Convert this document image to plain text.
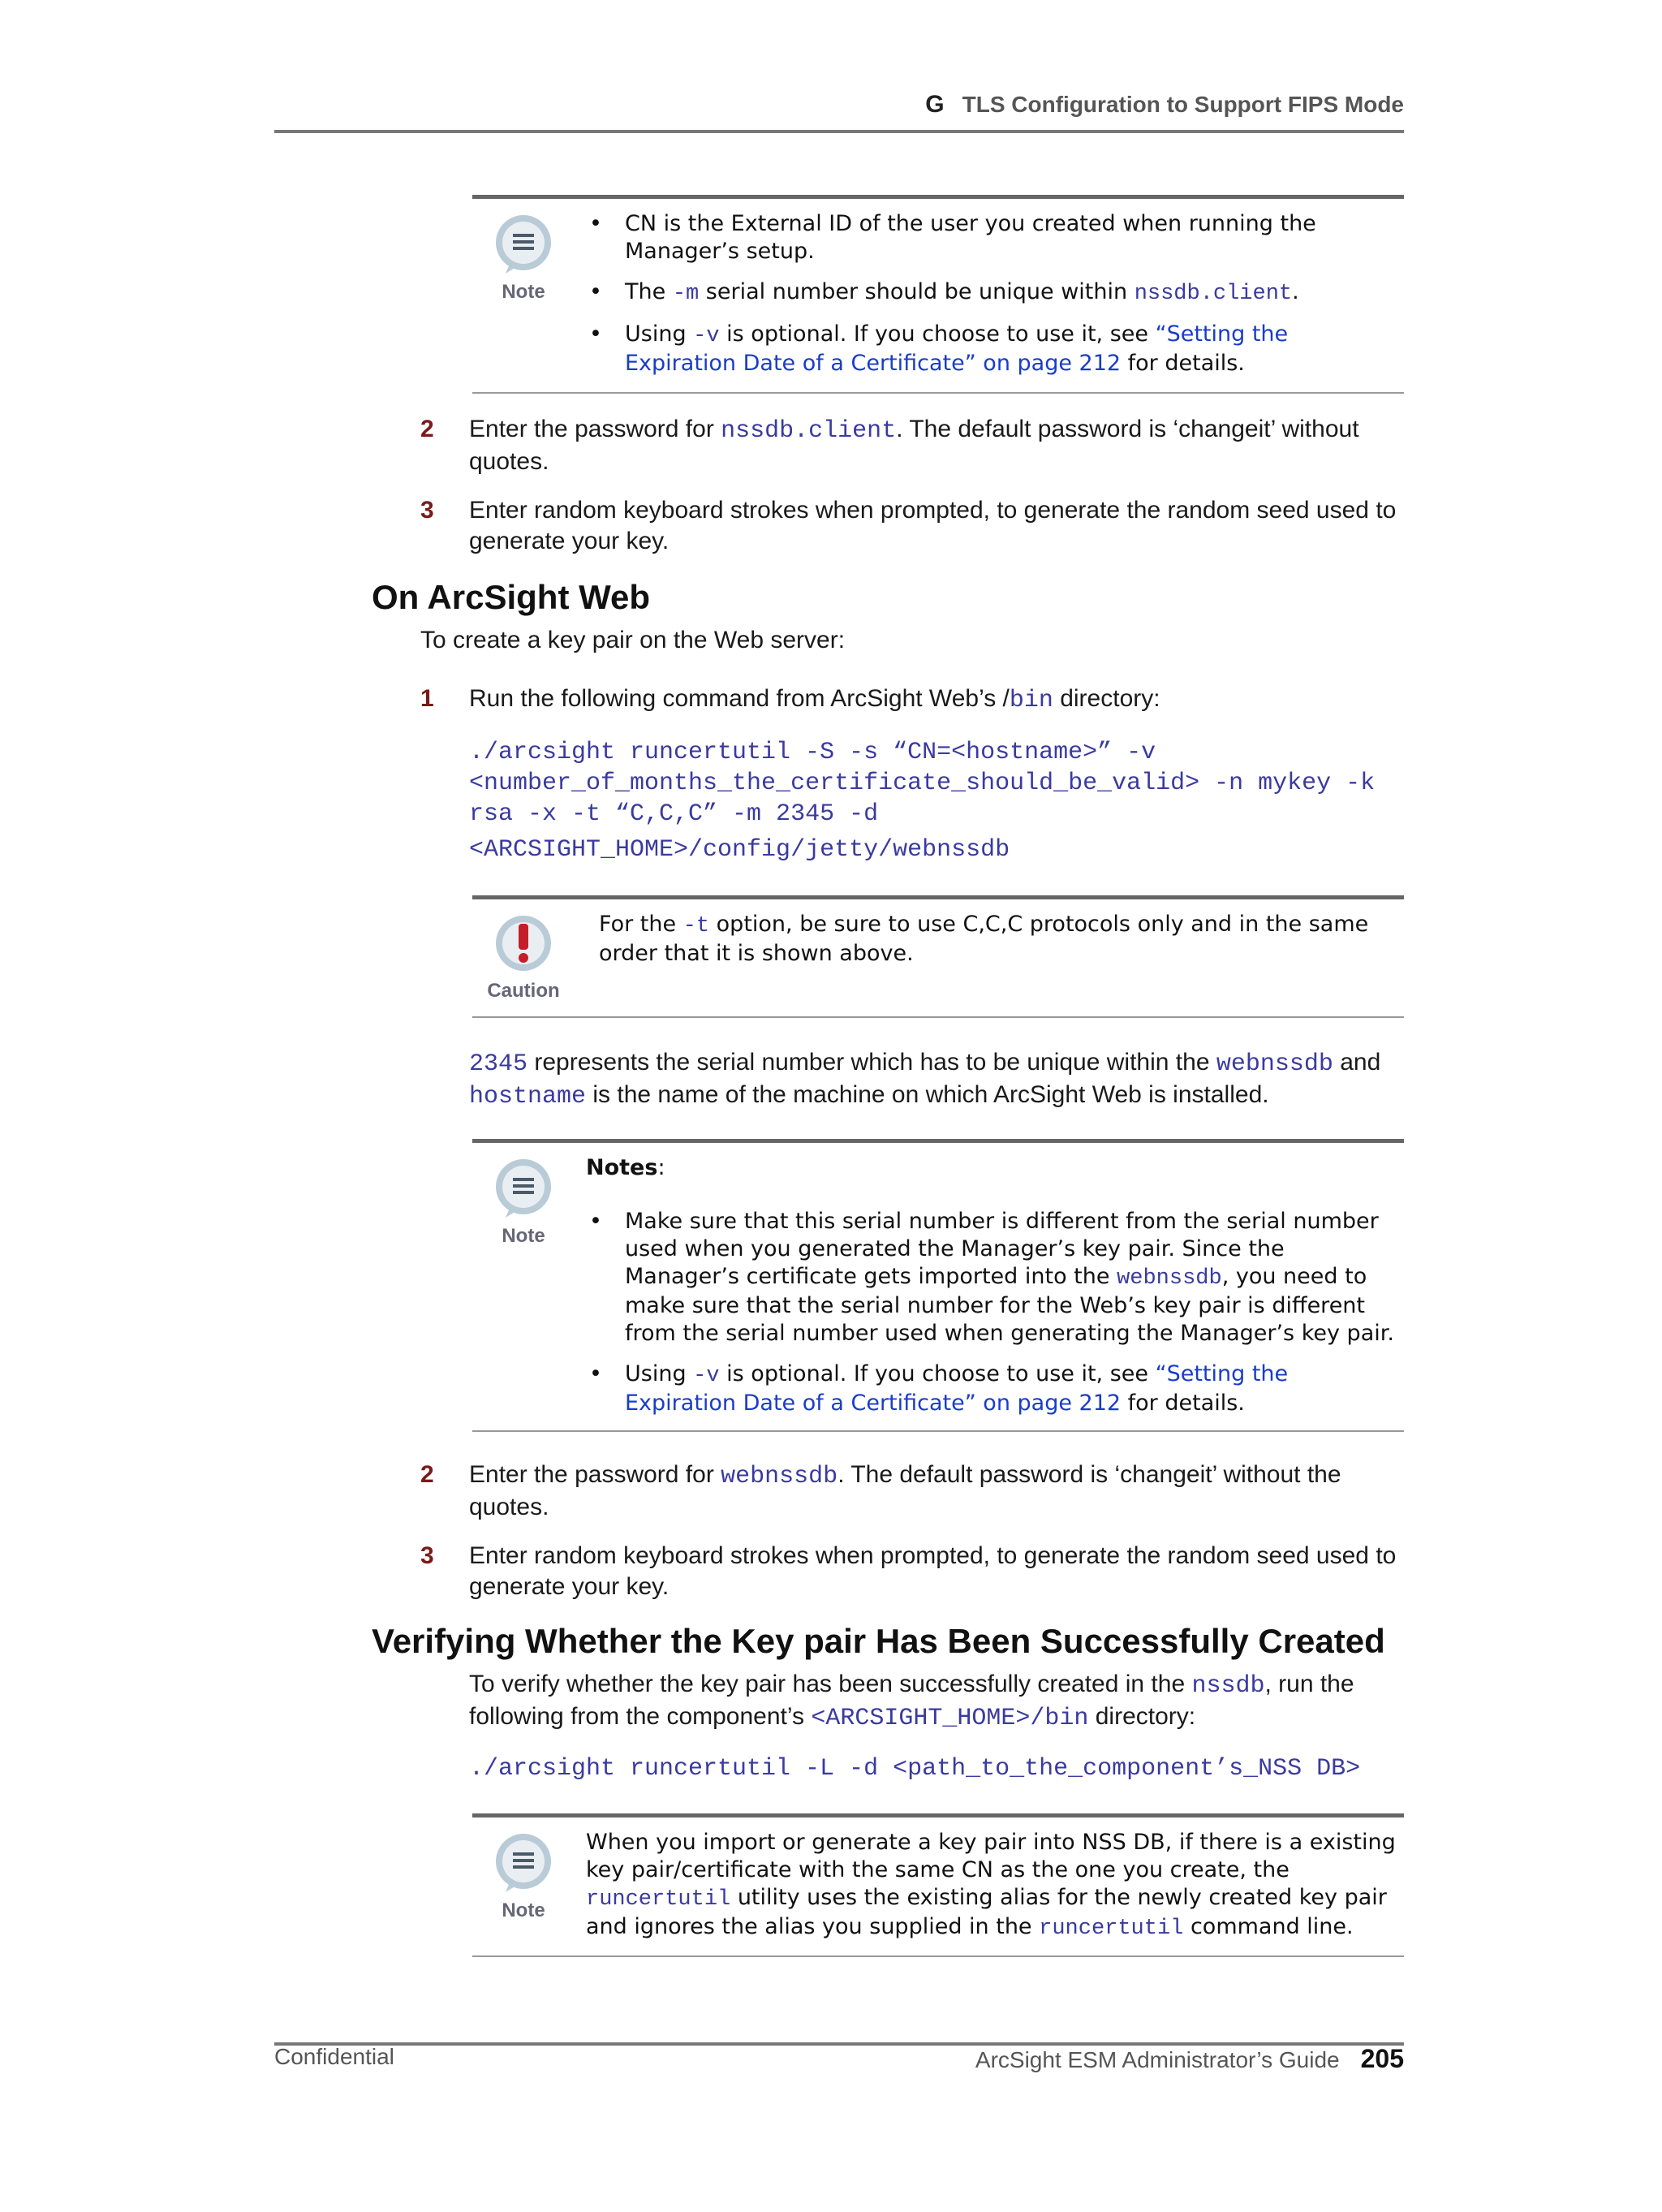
G TLS Configuration to Support FIPS Mode
Note
• CN is the External ID of the user you created when running the Manager’s setup.
• The -m serial number should be unique within nssdb.client.
• Using -v is optional. If you choose to use it, see “Setting the Expiration Date of a Certificate” on page 212 for details.
2 Enter the password for nssdb.client. The default password is ‘changeit’ without quotes.
3 Enter random keyboard strokes when prompted, to generate the random seed used to generate your key.
On ArcSight Web
To create a key pair on the Web server:
1 Run the following command from ArcSight Web’s /bin directory:
./arcsight runcertutil -S -s “CN=<hostname>” -v
<number_of_months_the_certificate_should_be_valid> -n mykey -k
rsa -x -t “C,C,C” -m 2345 -d
<ARCSIGHT_HOME>/config/jetty/webnssdb
Caution
For the -t option, be sure to use C,C,C protocols only and in the same order that it is shown above.
2345 represents the serial number which has to be unique within the webnssdb and hostname is the name of the machine on which ArcSight Web is installed.
Note
Notes:
• Make sure that this serial number is different from the serial number used when you generated the Manager’s key pair. Since the Manager’s certificate gets imported into the webnssdb, you need to make sure that the serial number for the Web’s key pair is different from the serial number used when generating the Manager’s key pair.
• Using -v is optional. If you choose to use it, see “Setting the Expiration Date of a Certificate” on page 212 for details.
2 Enter the password for webnssdb. The default password is ‘changeit’ without the quotes.
3 Enter random keyboard strokes when prompted, to generate the random seed used to generate your key.
Verifying Whether the Key pair Has Been Successfully Created
To verify whether the key pair has been successfully created in the nssdb, run the following from the component’s <ARCSIGHT_HOME>/bin directory:
./arcsight runcertutil -L -d <path_to_the_component’s_NSS DB>
Note
When you import or generate a key pair into NSS DB, if there is a existing key pair/certificate with the same CN as the one you create, the runcertutil utility uses the existing alias for the newly created key pair and ignores the alias you supplied in the runcertutil command line.
Confidential	ArcSight ESM Administrator’s Guide 205
